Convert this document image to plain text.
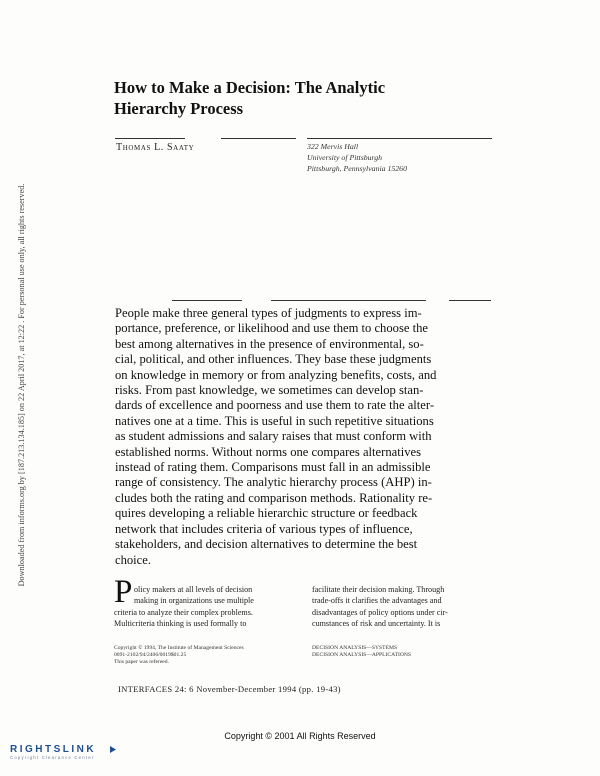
Downloaded from informs.org by [187.213.134.185] on 22 April 2017, at 12:22 . For personal use only, all rights reserved.
How to Make a Decision: The Analytic
Hierarchy Process
Thomas L. Saaty	322 Mervis Hall
University of Pittsburgh
Pittsburgh, Pennsylvania 15260
People make three general types of judgments to express im-
portance, preference, or likelihood and use them to choose the
best among alternatives in the presence of environmental, so-
cial, political, and other influences. They base these judgments
on knowledge in memory or from analyzing benefits, costs, and
risks. From past knowledge, we sometimes can develop stan-
dards of excellence and poorness and use them to rate the alter-
natives one at a time. This is useful in such repetitive situations
as student admissions and salary raises that must conform with
established norms. Without norms one compares alternatives
instead of rating them. Comparisons must fall in an admissible
range of consistency. The analytic hierarchy process (AHP) in-
cludes both the rating and comparison methods. Rationality re-
quires developing a reliable hierarchic structure or feedback
network that includes criteria of various types of influence,
stakeholders, and decision alternatives to determine the best
choice.
P olicy makers at all levels of decision
making in organizations use multiple
criteria to analyze their complex problems.
Multicriteria thinking is used formally to
facilitate their decision making. Through
trade-offs it clarifies the advantages and
disadvantages of policy options under cir-
cumstances of risk and uncertainty. It is
Copyright © 1994, The Institute of Management Sciences
0091-2102/94/2406/0019$01.25
This paper was refereed.
DECISION ANALYSIS—SYSTEMS
DECISION ANALYSIS—APPLICATIONS
INTERFACES 24: 6 November-December 1994 (pp. 19-43)
Copyright © 2001 All Rights Reserved
RIGHTSLINK
Copyright Clearance Center
